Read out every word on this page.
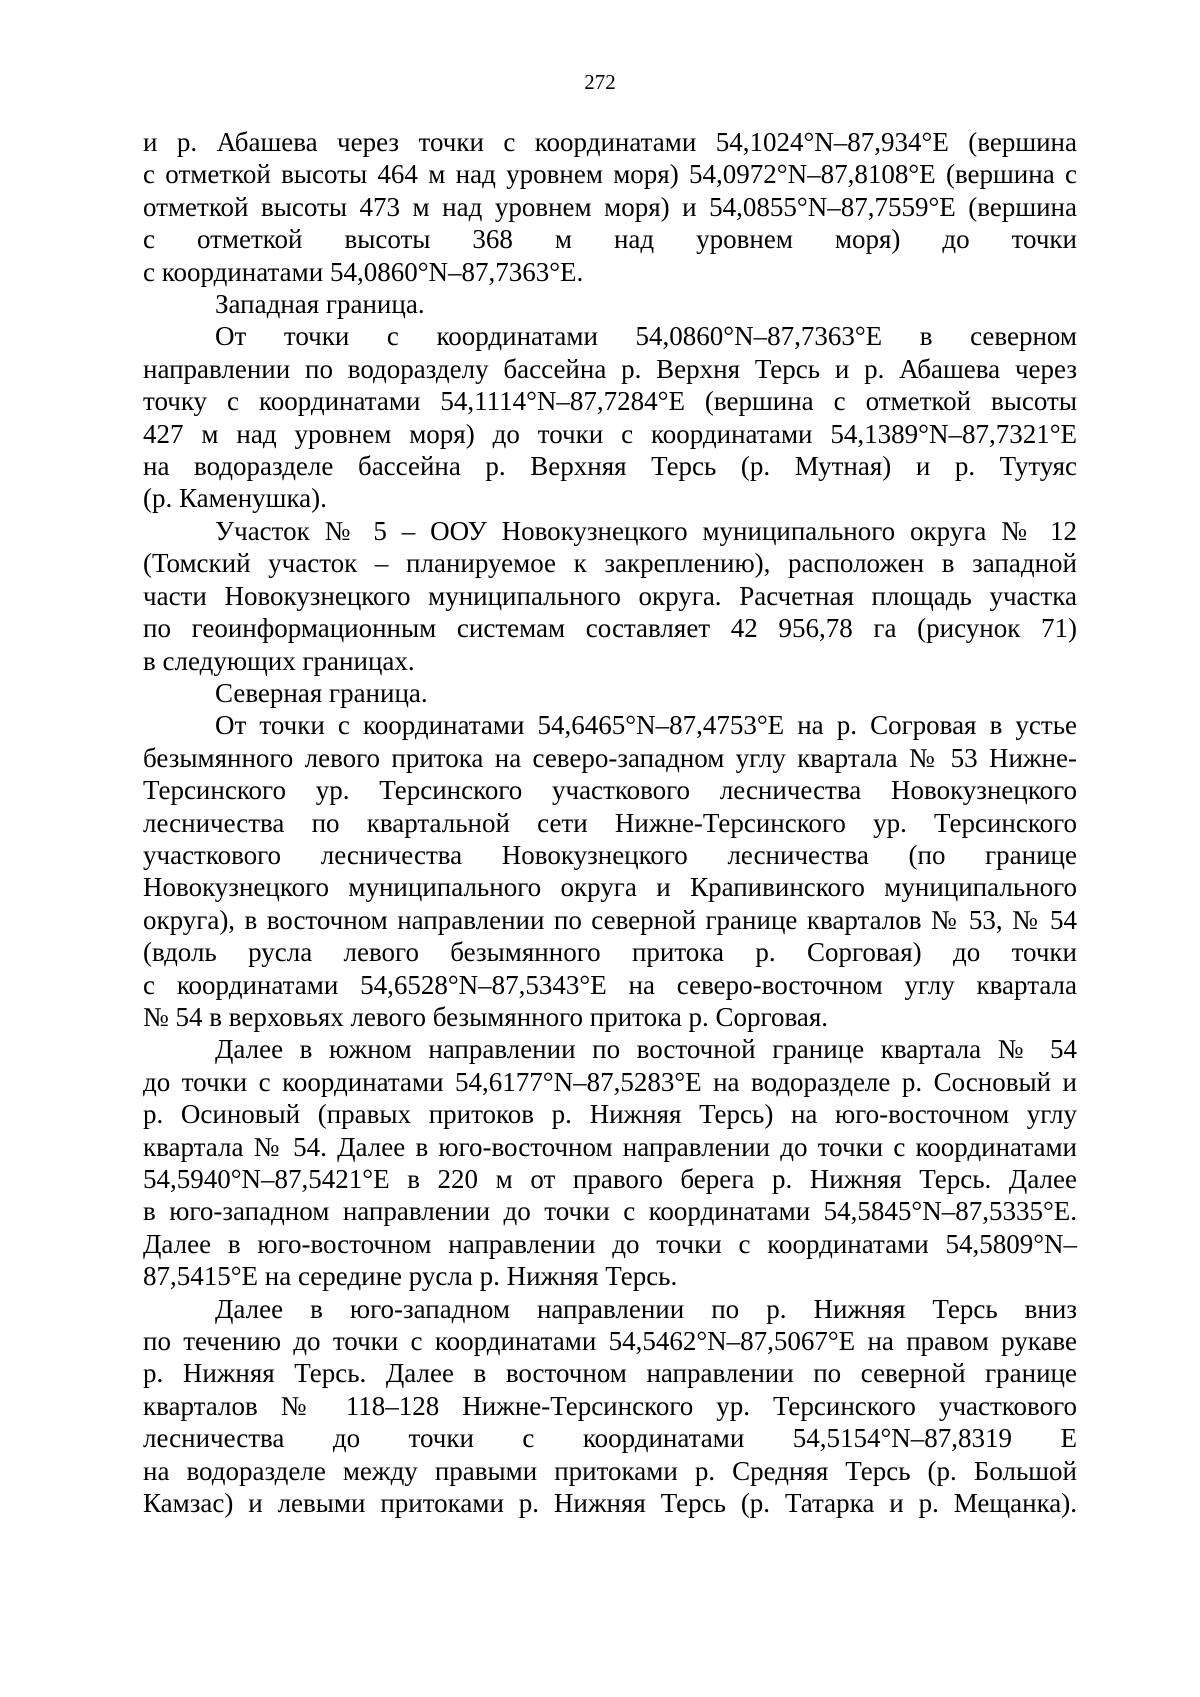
272
и р. Абашева через точки с координатами 54,1024°N–87,934°E (вершина
с отметкой высоты 464 м над уровнем моря) 54,0972°N–87,8108°E (вершина с
отметкой высоты 473 м над уровнем моря) и 54,0855°N–87,7559°E (вершина
с отметкой высоты 368 м над уровнем моря) до точки
с координатами 54,0860°N–87,7363°E.
Западная граница.
От точки с координатами 54,0860°N–87,7363°E в северном
направлении по водоразделу бассейна р. Верхня Терсь и р. Абашева через
точку с координатами 54,1114°N–87,7284°E (вершина с отметкой высоты
427 м над уровнем моря) до точки с координатами 54,1389°N–87,7321°E
на водоразделе бассейна р. Верхняя Терсь (р. Мутная) и р. Тутуяс
(р. Каменушка).
Участок № 5 – ООУ Новокузнецкого муниципального округа № 12
(Томский участок – планируемое к закреплению), расположен в западной
части Новокузнецкого муниципального округа. Расчетная площадь участка
по геоинформационным системам составляет 42 956,78 га (рисунок 71)
в следующих границах.
Северная граница.
От точки с координатами 54,6465°N–87,4753°E на р. Согровая в устье
безымянного левого притока на северо-западном углу квартала № 53 Нижне-
Терсинского ур. Терсинского участкового лесничества Новокузнецкого
лесничества по квартальной сети Нижне-Терсинского ур. Терсинского
участкового лесничества Новокузнецкого лесничества (по границе
Новокузнецкого муниципального округа и Крапивинского муниципального
округа), в восточном направлении по северной границе кварталов № 53, № 54
(вдоль русла левого безымянного притока р. Сорговая) до точки
с координатами 54,6528°N–87,5343°E на северо-восточном углу квартала
№ 54 в верховьях левого безымянного притока р. Сорговая.
Далее в южном направлении по восточной границе квартала № 54
до точки с координатами 54,6177°N–87,5283°E на водоразделе р. Сосновый и
р. Осиновый (правых притоков р. Нижняя Терсь) на юго-восточном углу
квартала № 54. Далее в юго-восточном направлении до точки с координатами
54,5940°N–87,5421°E в 220 м от правого берега р. Нижняя Терсь. Далее
в юго-западном направлении до точки с координатами 54,5845°N–87,5335°E.
Далее в юго-восточном направлении до точки с координатами 54,5809°N–
87,5415°E на середине русла р. Нижняя Терсь.
Далее в юго-западном направлении по р. Нижняя Терсь вниз
по течению до точки с координатами 54,5462°N–87,5067°E на правом рукаве
р. Нижняя Терсь. Далее в восточном направлении по северной границе
кварталов № 118–128 Нижне-Терсинского ур. Терсинского участкового
лесничества до точки с координатами 54,5154°N–87,8319 E
на водоразделе между правыми притоками р. Средняя Терсь (р. Большой
Камзас) и левыми притоками р. Нижняя Терсь (р. Татарка и р. Мещанка).
